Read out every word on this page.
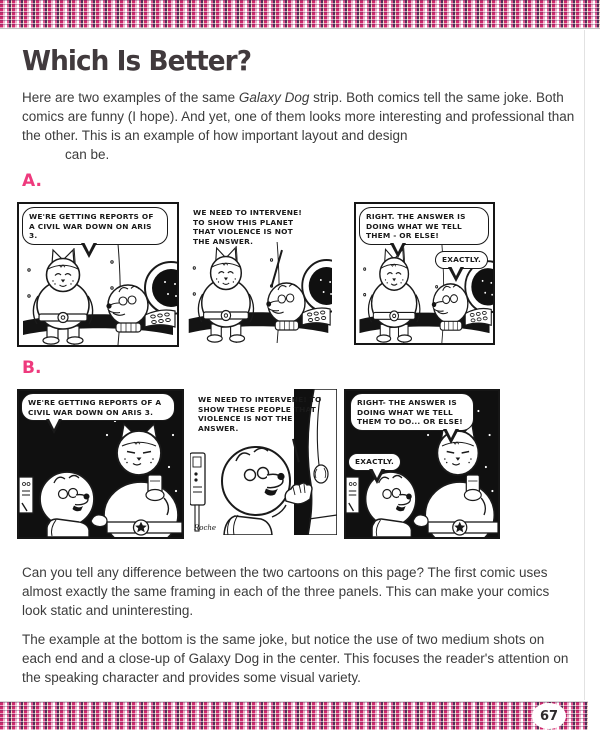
Which Is Better?

Here are two examples of the same Galaxy Dog strip. Both comics tell the same joke. Both comics are funny (I hope). And yet, one of them looks more interesting and professional than the other. This is an example of how important layout and design
can be.

A.
WE'RE GETTING REPORTS OF A CIVIL WAR DOWN ON ARIS 3.
WE NEED TO INTERVENE! TO SHOW THIS PLANET THAT VIOLENCE IS NOT THE ANSWER.
RIGHT. THE ANSWER IS DOING WHAT WE TELL THEM - OR ELSE!
EXACTLY.
B.
WE'RE GETTING REPORTS OF A CIVIL WAR DOWN ON ARIS 3.
WE NEED TO INTERVENE! TO SHOW THESE PEOPLE THAT VIOLENCE IS NOT THE ANSWER.
Roche
RIGHT- THE ANSWER IS DOING WHAT WE TELL THEM TO DO... OR ELSE!
EXACTLY.

Can you tell any difference between the two cartoons on this page? The first comic uses almost exactly the same framing in each of the three panels. This can make your comics look static and uninteresting.

The example at the bottom is the same joke, but notice the use of two medium shots on each end and a close-up of Galaxy Dog in the center. This focuses the reader's attention on the speaking character and provides some visual variety.

67
